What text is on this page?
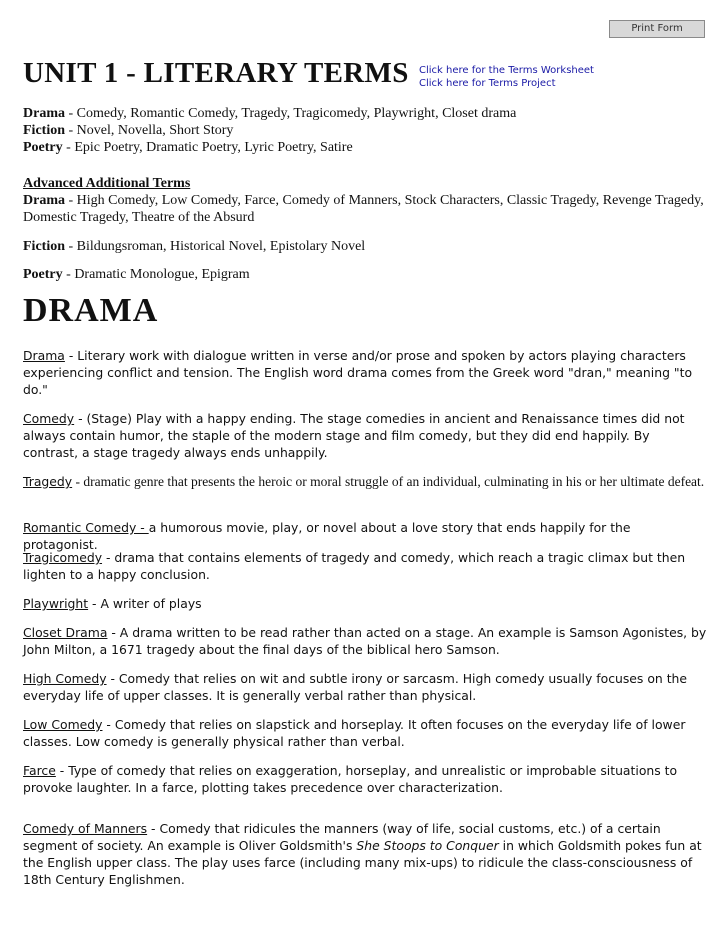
Print Form
UNIT 1 - LITERARY TERMS Click here for the Terms Worksheet
Click here for Terms Project
Drama - Comedy, Romantic Comedy, Tragedy, Tragicomedy, Playwright, Closet drama
Fiction - Novel, Novella, Short Story
Poetry - Epic Poetry, Dramatic Poetry, Lyric Poetry, Satire
Advanced Additional Terms
Drama - High Comedy, Low Comedy, Farce, Comedy of Manners, Stock Characters, Classic Tragedy, Revenge Tragedy, Domestic Tragedy, Theatre of the Absurd
Fiction - Bildungsroman, Historical Novel, Epistolary Novel
Poetry - Dramatic Monologue, Epigram
DRAMA
Drama - Literary work with dialogue written in verse and/or prose and spoken by actors playing characters experiencing conflict and tension. The English word drama comes from the Greek word "dran," meaning "to do."
Comedy - (Stage) Play with a happy ending. The stage comedies in ancient and Renaissance times did not always contain humor, the staple of the modern stage and film comedy, but they did end happily. By contrast, a stage tragedy always ends unhappily.
Tragedy - dramatic genre that presents the heroic or moral struggle of an individual, culminating in his or her ultimate defeat.
Romantic Comedy - a humorous movie, play, or novel about a love story that ends happily for the protagonist.
Tragicomedy - drama that contains elements of tragedy and comedy, which reach a tragic climax but then lighten to a happy conclusion.
Playwright - A writer of plays
Closet Drama - A drama written to be read rather than acted on a stage. An example is Samson Agonistes, by John Milton, a 1671 tragedy about the final days of the biblical hero Samson.
High Comedy - Comedy that relies on wit and subtle irony or sarcasm. High comedy usually focuses on the everyday life of upper classes. It is generally verbal rather than physical.
Low Comedy - Comedy that relies on slapstick and horseplay. It often focuses on the everyday life of lower classes. Low comedy is generally physical rather than verbal.
Farce - Type of comedy that relies on exaggeration, horseplay, and unrealistic or improbable situations to provoke laughter. In a farce, plotting takes precedence over characterization.
Comedy of Manners - Comedy that ridicules the manners (way of life, social customs, etc.) of a certain segment of society. An example is Oliver Goldsmith's She Stoops to Conquer in which Goldsmith pokes fun at the English upper class. The play uses farce (including many mix-ups) to ridicule the class-consciousness of 18th Century Englishmen.
